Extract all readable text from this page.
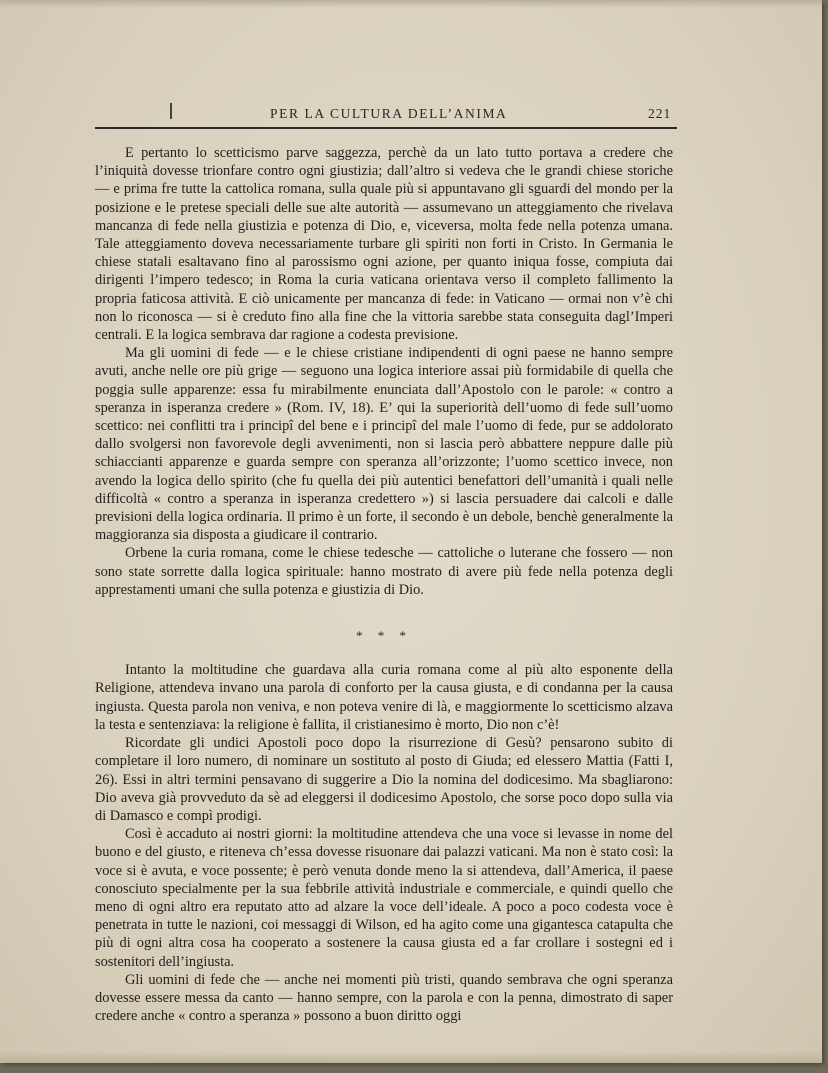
PER LA CULTURA DELL’ANIMA	221

E pertanto lo scetticismo parve saggezza, perchè da un lato tutto portava a credere che l’iniquità dovesse trionfare contro ogni giustizia; dall’altro si vedeva che le grandi chiese storiche — e prima fre tutte la cattolica romana, sulla quale più si appuntavano gli sguardi del mondo per la posizione e le pretese speciali delle sue alte autorità — assumevano un atteggiamento che rivelava mancanza di fede nella giustizia e potenza di Dio, e, viceversa, molta fede nella potenza umana. Tale atteggiamento doveva necessariamente turbare gli spiriti non forti in Cristo. In Germania le chiese statali esaltavano fino al parossismo ogni azione, per quanto iniqua fosse, compiuta dai dirigenti l’impero tedesco; in Roma la curia vaticana orientava verso il completo fallimento la propria faticosa attività. E ciò unicamente per mancanza di fede: in Vaticano — ormai non v’è chi non lo riconosca — si è creduto fino alla fine che la vittoria sarebbe stata conseguita dagl’Imperi centrali. E la logica sembrava dar ragione a codesta previsione.

Ma gli uomini di fede — e le chiese cristiane indipendenti di ogni paese ne hanno sempre avuti, anche nelle ore più grige — seguono una logica interiore assai più formidabile di quella che poggia sulle apparenze: essa fu mirabilmente enunciata dall’Apostolo con le parole: « contro a speranza in isperanza credere » (Rom. IV, 18). E’ qui la superiorità dell’uomo di fede sull’uomo scettico: nei conflitti tra i principî del bene e i principî del male l’uomo di fede, pur se addolorato dallo svolgersi non favorevole degli avvenimenti, non si lascia però abbattere neppure dalle più schiaccianti apparenze e guarda sempre con speranza all’orizzonte; l’uomo scettico invece, non avendo la logica dello spirito (che fu quella dei più autentici benefattori dell’umanità i quali nelle difficoltà « contro a speranza in isperanza credettero ») si lascia persuadere dai calcoli e dalle previsioni della logica ordinaria. Il primo è un forte, il secondo è un debole, benchè generalmente la maggioranza sia disposta a giudicare il contrario.

Orbene la curia romana, come le chiese tedesche — cattoliche o luterane che fossero — non sono state sorrette dalla logica spirituale: hanno mostrato di avere più fede nella potenza degli apprestamenti umani che sulla potenza e giustizia di Dio.

* * *

Intanto la moltitudine che guardava alla curia romana come al più alto esponente della Religione, attendeva invano una parola di conforto per la causa giusta, e di condanna per la causa ingiusta. Questa parola non veniva, e non poteva venire di là, e maggiormente lo scetticismo alzava la testa e sentenziava: la religione è fallita, il cristianesimo è morto, Dio non c’è!

Ricordate gli undici Apostoli poco dopo la risurrezione di Gesù? pensarono subito di completare il loro numero, di nominare un sostituto al posto di Giuda; ed elessero Mattia (Fatti I, 26). Essi in altri termini pensavano di suggerire a Dio la nomina del dodicesimo. Ma sbagliarono: Dio aveva già provveduto da sè ad eleggersi il dodicesimo Apostolo, che sorse poco dopo sulla via di Damasco e compì prodigi.

Così è accaduto ai nostri giorni: la moltitudine attendeva che una voce si levasse in nome del buono e del giusto, e riteneva ch’essa dovesse risuonare dai palazzi vaticani. Ma non è stato così: la voce si è avuta, e voce possente; è però venuta donde meno la si attendeva, dall’America, il paese conosciuto specialmente per la sua febbrile attività industriale e commerciale, e quindi quello che meno di ogni altro era reputato atto ad alzare la voce dell’ideale. A poco a poco codesta voce è penetrata in tutte le nazioni, coi messaggi di Wilson, ed ha agito come una gigantesca catapulta che più di ogni altra cosa ha cooperato a sostenere la causa giusta ed a far crollare i sostegni ed i sostenitori dell’ingiusta.

Gli uomini di fede che — anche nei momenti più tristi, quando sembrava che ogni speranza dovesse essere messa da canto — hanno sempre, con la parola e con la penna, dimostrato di saper credere anche « contro a speranza » possono a buon diritto oggi
